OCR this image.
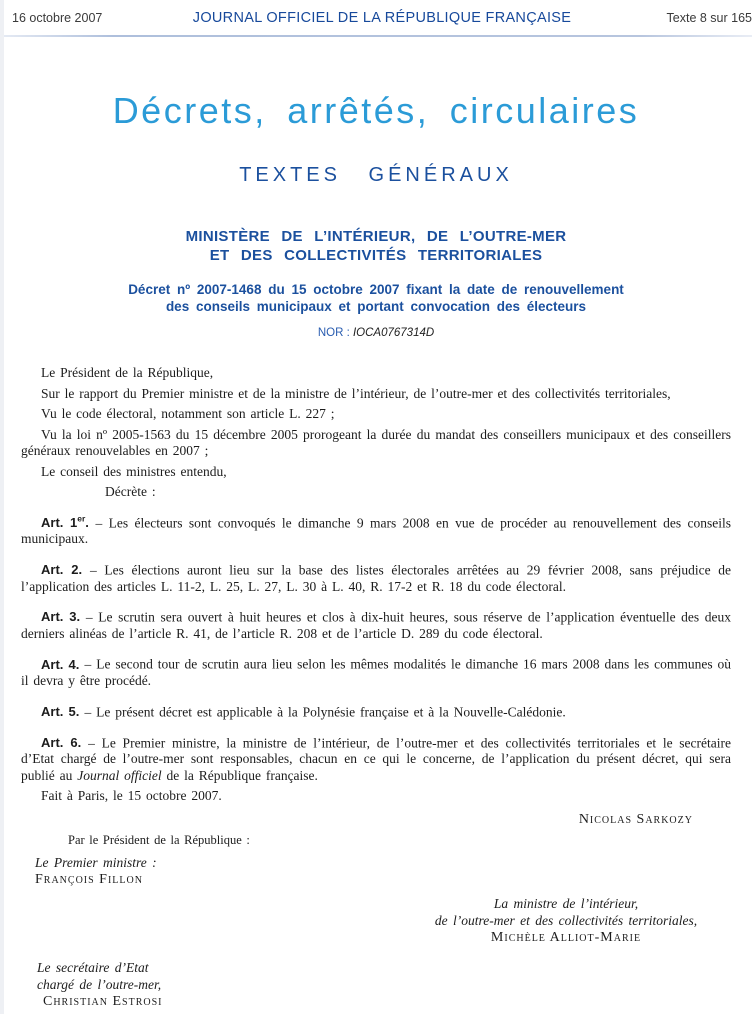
16 octobre 2007	JOURNAL OFFICIEL DE LA RÉPUBLIQUE FRANÇAISE	Texte 8 sur 165
Décrets, arrêtés, circulaires
TEXTES GÉNÉRAUX
MINISTÈRE DE L’INTÉRIEUR, DE L’OUTRE-MER
ET DES COLLECTIVITÉS TERRITORIALES
Décret nº 2007-1468 du 15 octobre 2007 fixant la date de renouvellement
des conseils municipaux et portant convocation des électeurs
NOR : IOCA0767314D

Le Président de la République,

Sur le rapport du Premier ministre et de la ministre de l’intérieur, de l’outre-mer et des collectivités territoriales,

Vu le code électoral, notamment son article L. 227 ;

Vu la loi nº 2005-1563 du 15 décembre 2005 prorogeant la durée du mandat des conseillers municipaux et des conseillers généraux renouvelables en 2007 ;

Le conseil des ministres entendu,

Décrète :

Art. 1er. – Les électeurs sont convoqués le dimanche 9 mars 2008 en vue de procéder au renouvellement des conseils municipaux.

Art. 2. – Les élections auront lieu sur la base des listes électorales arrêtées au 29 février 2008, sans préjudice de l’application des articles L. 11-2, L. 25, L. 27, L. 30 à L. 40, R. 17-2 et R. 18 du code électoral.

Art. 3. – Le scrutin sera ouvert à huit heures et clos à dix-huit heures, sous réserve de l’application éventuelle des deux derniers alinéas de l’article R. 41, de l’article R. 208 et de l’article D. 289 du code électoral.

Art. 4. – Le second tour de scrutin aura lieu selon les mêmes modalités le dimanche 16 mars 2008 dans les communes où il devra y être procédé.

Art. 5. – Le présent décret est applicable à la Polynésie française et à la Nouvelle-Calédonie.

Art. 6. – Le Premier ministre, la ministre de l’intérieur, de l’outre-mer et des collectivités territoriales et le secrétaire d’Etat chargé de l’outre-mer sont responsables, chacun en ce qui le concerne, de l’application du présent décret, qui sera publié au Journal officiel de la République française.

Fait à Paris, le 15 octobre 2007.

Nicolas Sarkozy

Par le Président de la République :

Le Premier ministre :
François Fillon
La ministre de l’intérieur,
de l’outre-mer et des collectivités territoriales,
Michèle Alliot-Marie
Le secrétaire d’Etat
chargé de l’outre-mer,
Christian Estrosi
